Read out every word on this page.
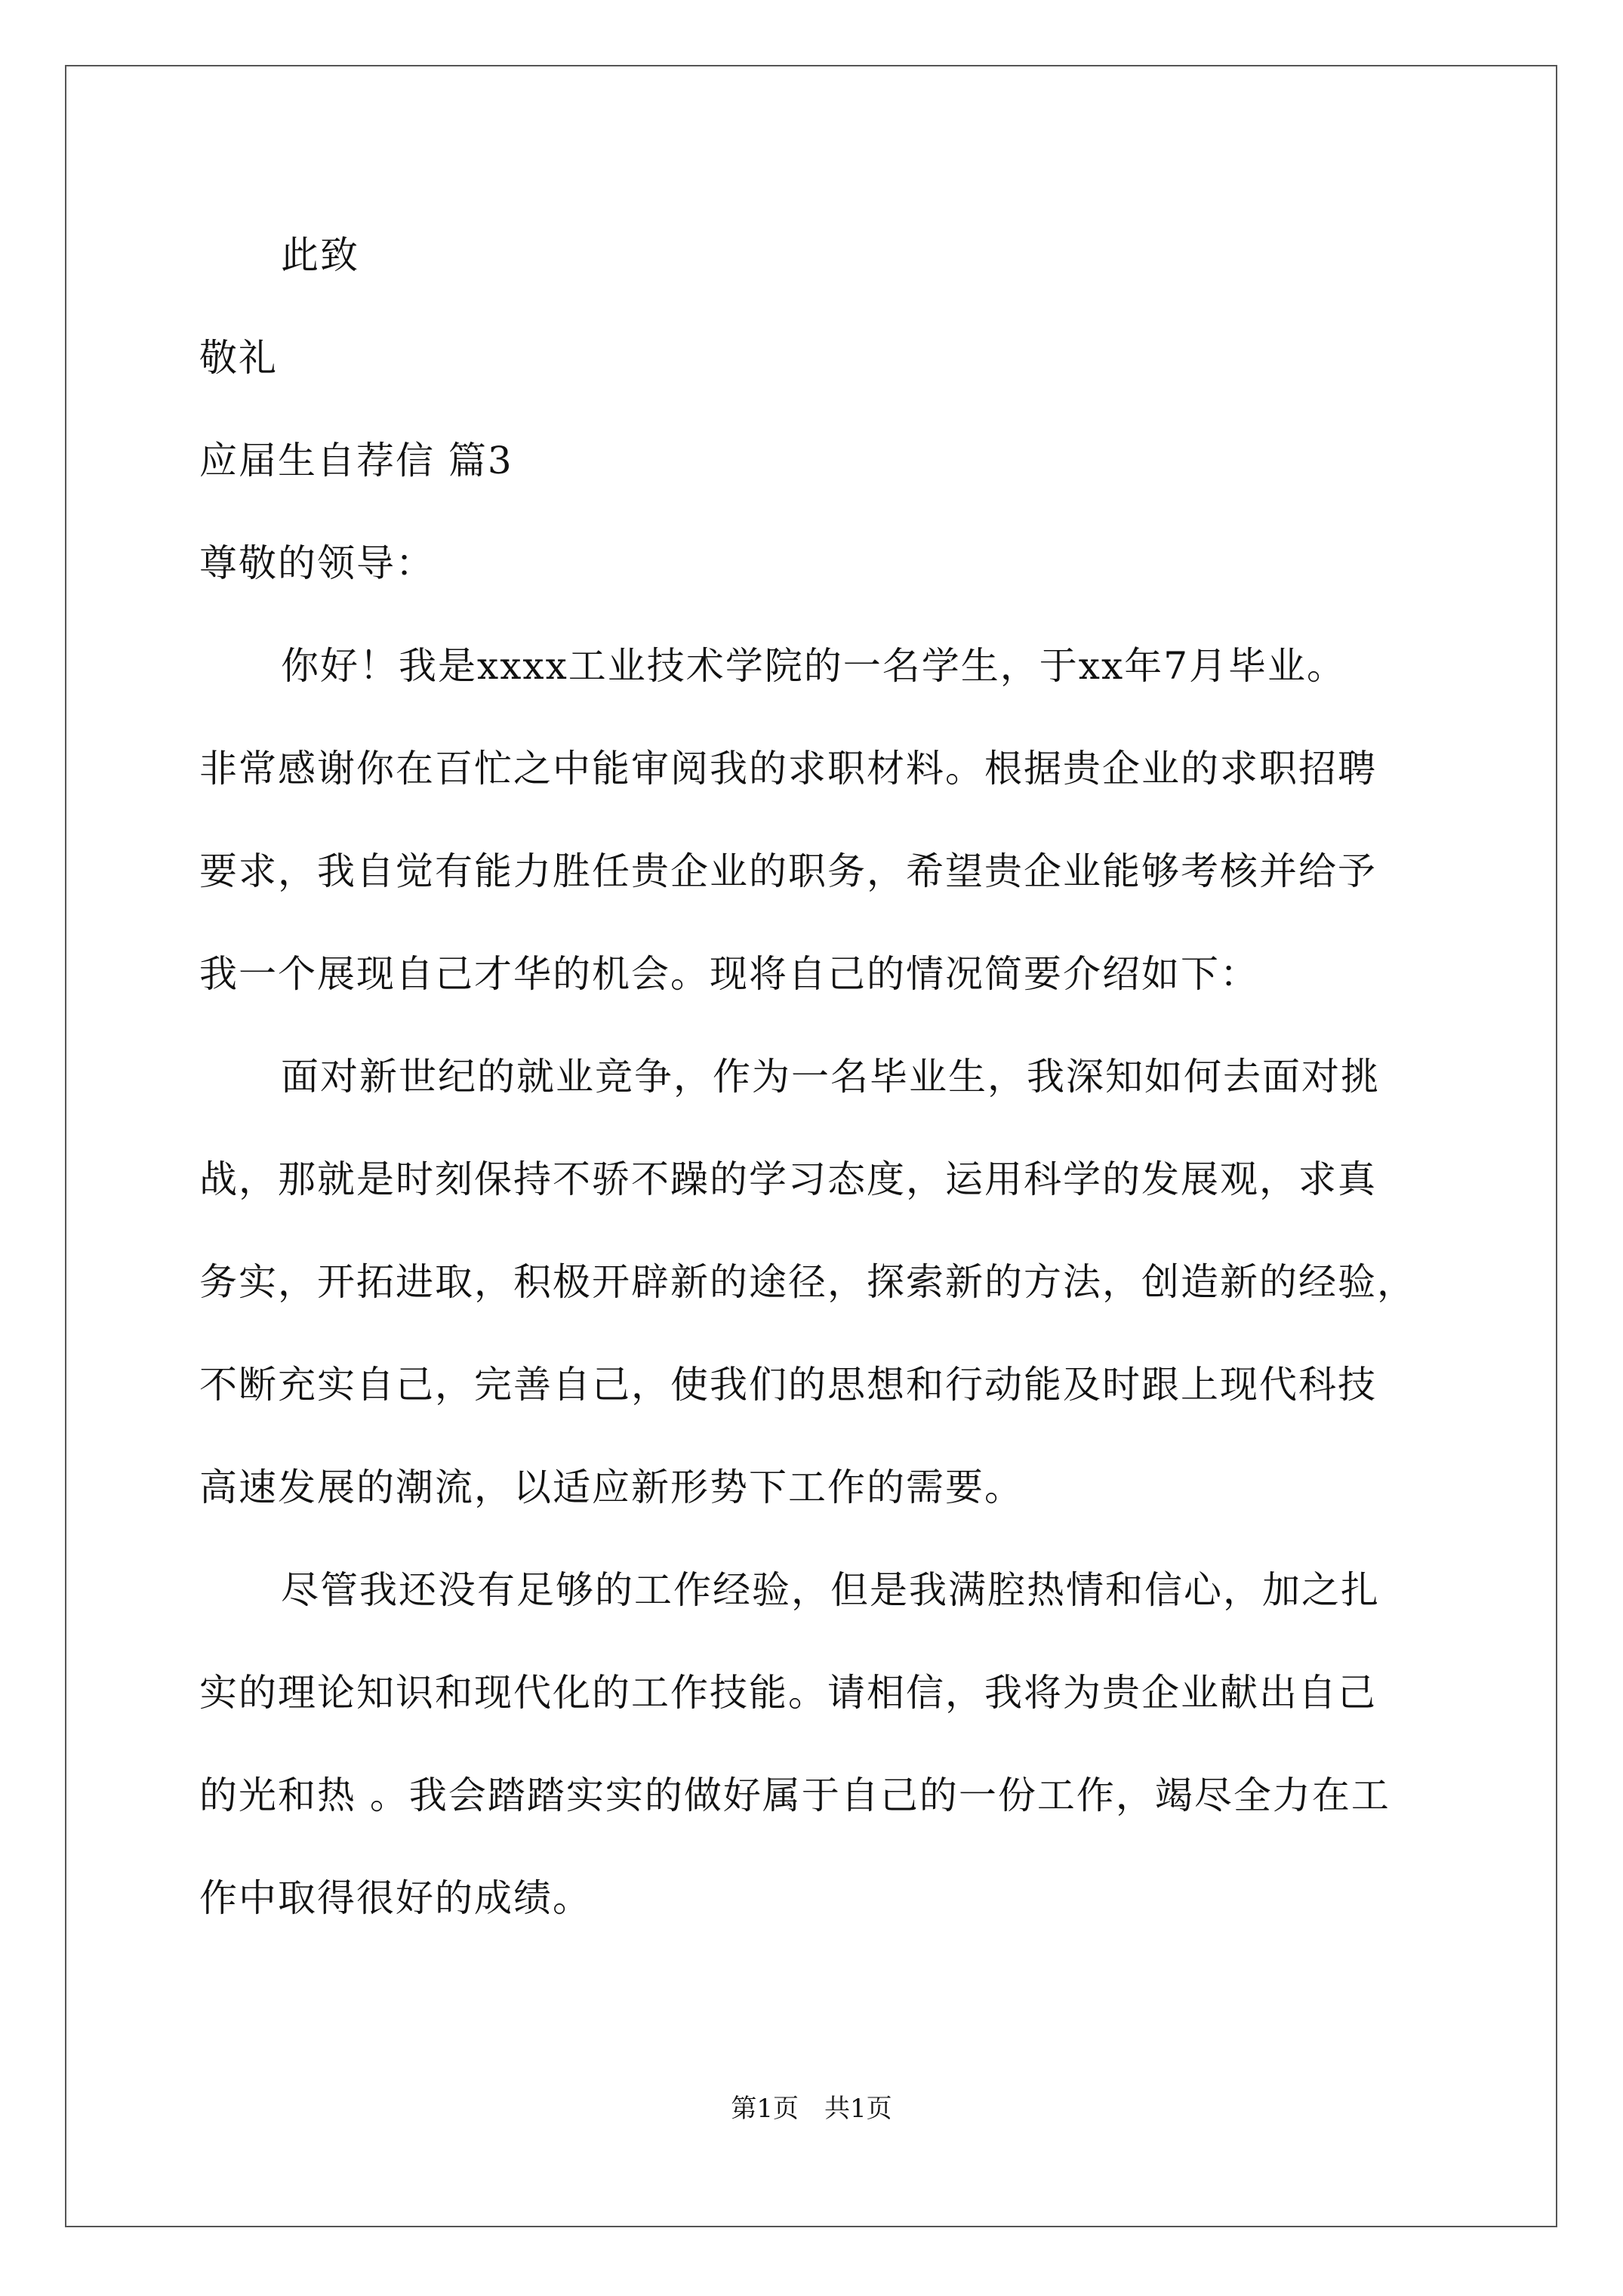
此致
敬礼
应届生自荐信 篇3
尊敬的领导：
你好！我是xxxx工业技术学院的一名学生，于xx年7月毕业。
非常感谢你在百忙之中能审阅我的求职材料。根据贵企业的求职招聘
要求，我自觉有能力胜任贵企业的职务，希望贵企业能够考核并给予
我一个展现自己才华的机会。现将自己的情况简要介绍如下：
面对新世纪的就业竞争，作为一名毕业生，我深知如何去面对挑
战，那就是时刻保持不骄不躁的学习态度，运用科学的发展观，求真
务实，开拓进取，积极开辟新的途径，探索新的方法，创造新的经验，
不断充实自己，完善自己，使我们的思想和行动能及时跟上现代科技
高速发展的潮流，以适应新形势下工作的需要。
尽管我还没有足够的工作经验，但是我满腔热情和信心，加之扎
实的理论知识和现代化的工作技能。请相信，我将为贵企业献出自己
的光和热 。我会踏踏实实的做好属于自己的一份工作，竭尽全力在工
作中取得很好的成绩。
第1页　共1页
